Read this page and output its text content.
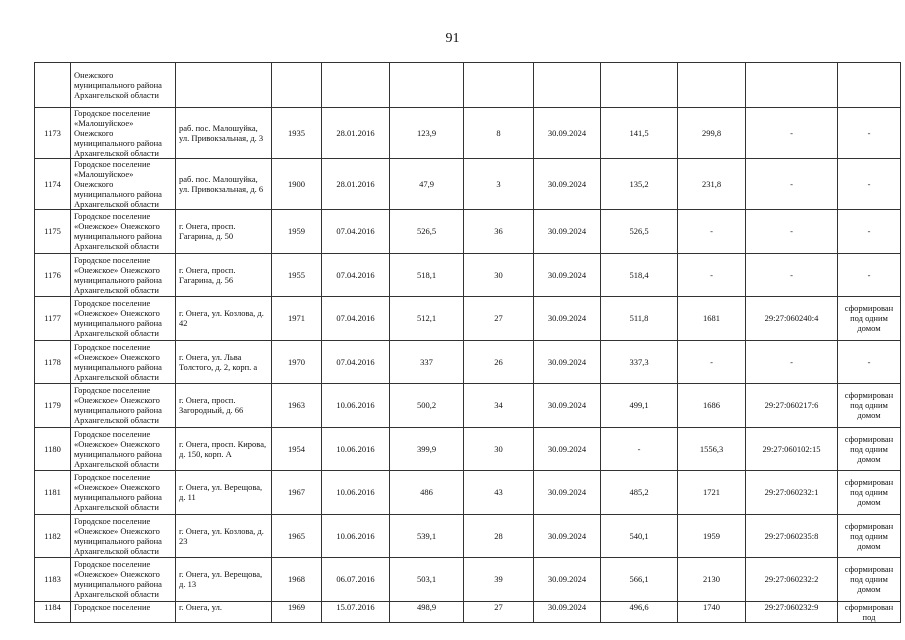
91
	Онежского муниципального района Архангельской области										
1173	Городское поселение «Малошуйское» Онежского муниципального района Архангельской области	раб. пос. Малошуйка, ул. Привокзальная, д. 3	1935	28.01.2016	123,9	8	30.09.2024	141,5	299,8	-	-
1174	Городское поселение «Малошуйское» Онежского муниципального района Архангельской области	раб. пос. Малошуйка, ул. Привокзальная, д. 6	1900	28.01.2016	47,9	3	30.09.2024	135,2	231,8	-	-
1175	Городское поселение «Онежское» Онежского муниципального района Архангельской области	г. Онега, просп. Гагарина, д. 50	1959	07.04.2016	526,5	36	30.09.2024	526,5	-	-	-
1176	Городское поселение «Онежское» Онежского муниципального района Архангельской области	г. Онега, просп. Гагарина, д. 56	1955	07.04.2016	518,1	30	30.09.2024	518,4	-	-	-
1177	Городское поселение «Онежское» Онежского муниципального района Архангельской области	г. Онега, ул. Козлова, д. 42	1971	07.04.2016	512,1	27	30.09.2024	511,8	1681	29:27:060240:4	сформирован под одним домом
1178	Городское поселение «Онежское» Онежского муниципального района Архангельской области	г. Онега, ул. Льва Толстого, д. 2, корп. а	1970	07.04.2016	337	26	30.09.2024	337,3	-	-	-
1179	Городское поселение «Онежское» Онежского муниципального района Архангельской области	г. Онега, просп. Загородный, д. 66	1963	10.06.2016	500,2	34	30.09.2024	499,1	1686	29:27:060217:6	сформирован под одним домом
1180	Городское поселение «Онежское» Онежского муниципального района Архангельской области	г. Онега, просп. Кирова, д. 150, корп. А	1954	10.06.2016	399,9	30	30.09.2024	-	1556,3	29:27:060102:15	сформирован под одним домом
1181	Городское поселение «Онежское» Онежского муниципального района Архангельской области	г. Онега, ул. Верещова, д. 11	1967	10.06.2016	486	43	30.09.2024	485,2	1721	29:27:060232:1	сформирован под одним домом
1182	Городское поселение «Онежское» Онежского муниципального района Архангельской области	г. Онега, ул. Козлова, д. 23	1965	10.06.2016	539,1	28	30.09.2024	540,1	1959	29:27:060235:8	сформирован под одним домом
1183	Городское поселение «Онежское» Онежского муниципального района Архангельской области	г. Онега, ул. Верещова, д. 13	1968	06.07.2016	503,1	39	30.09.2024	566,1	2130	29:27:060232:2	сформирован под одним домом
1184	Городское поселение	г. Онега, ул.	1969	15.07.2016	498,9	27	30.09.2024	496,6	1740	29:27:060232:9	сформирован под
